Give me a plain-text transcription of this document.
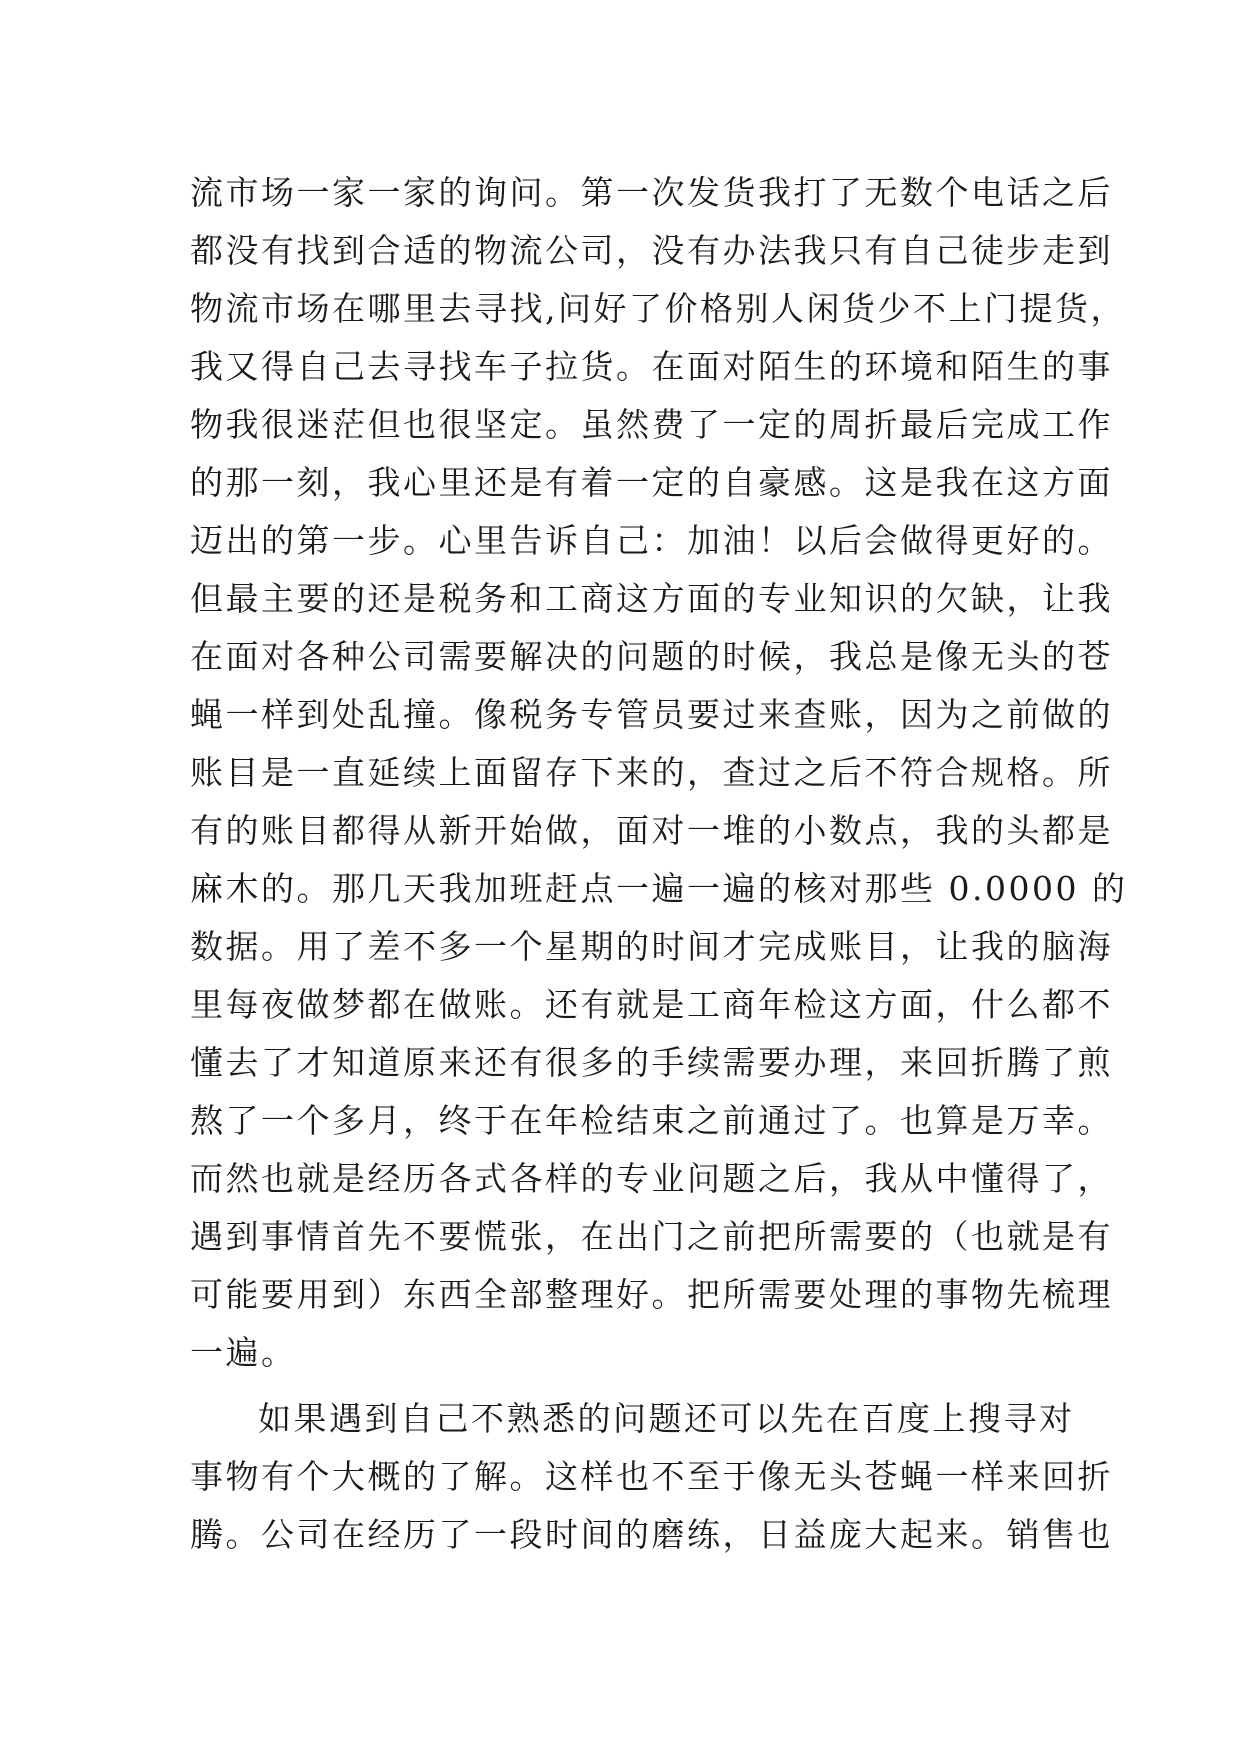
流市场一家一家的询问。第一次发货我打了无数个电话之后
都没有找到合适的物流公司，没有办法我只有自己徒步走到
物流市场在哪里去寻找,问好了价格别人闲货少不上门提货，
我又得自己去寻找车子拉货。在面对陌生的环境和陌生的事
物我很迷茫但也很坚定。虽然费了一定的周折最后完成工作
的那一刻，我心里还是有着一定的自豪感。这是我在这方面
迈出的第一步。心里告诉自己：加油！以后会做得更好的。
但最主要的还是税务和工商这方面的专业知识的欠缺，让我
在面对各种公司需要解决的问题的时候，我总是像无头的苍
蝇一样到处乱撞。像税务专管员要过来查账，因为之前做的
账目是一直延续上面留存下来的，查过之后不符合规格。所
有的账目都得从新开始做，面对一堆的小数点，我的头都是
麻木的。那几天我加班赶点一遍一遍的核对那些 0.0000 的
数据。用了差不多一个星期的时间才完成账目，让我的脑海
里每夜做梦都在做账。还有就是工商年检这方面，什么都不
懂去了才知道原来还有很多的手续需要办理，来回折腾了煎
熬了一个多月，终于在年检结束之前通过了。也算是万幸。
而然也就是经历各式各样的专业问题之后，我从中懂得了，
遇到事情首先不要慌张，在出门之前把所需要的（也就是有
可能要用到）东西全部整理好。把所需要处理的事物先梳理
一遍。
如果遇到自己不熟悉的问题还可以先在百度上搜寻对
事物有个大概的了解。这样也不至于像无头苍蝇一样来回折
腾。公司在经历了一段时间的磨练，日益庞大起来。销售也
